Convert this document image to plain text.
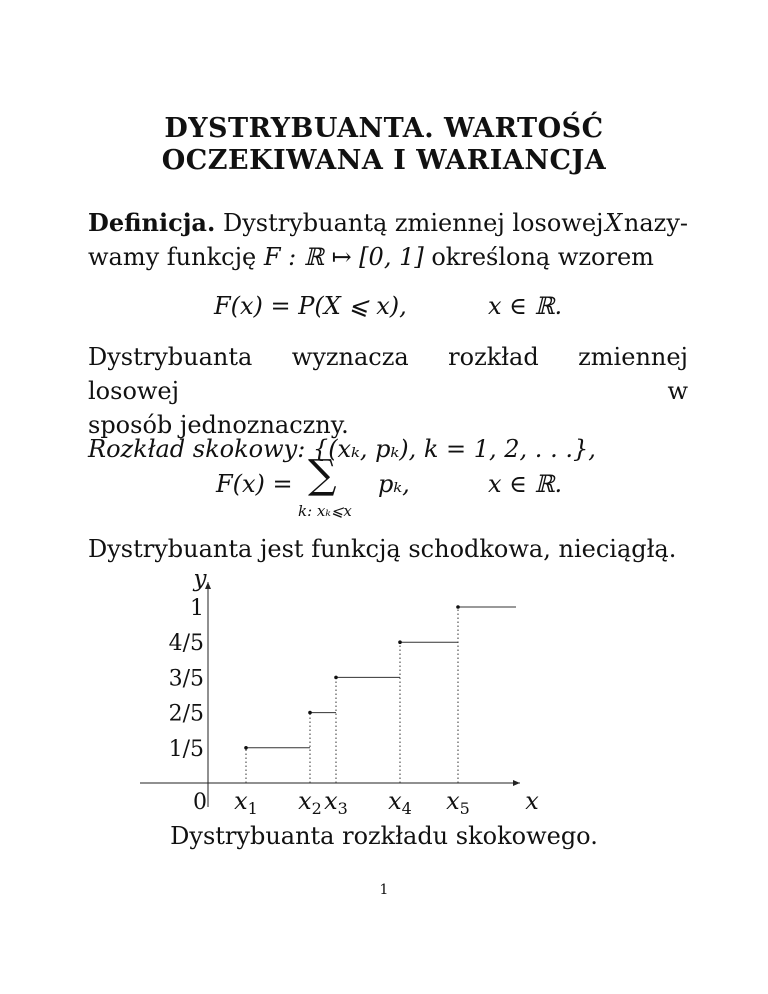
DYSTRYBUANTA. WARTOŚĆ
OCZEKIWANA I WARIANCJA
Definicja. Dystrybuantą zmiennej losowej X nazy-
wamy funkcję F : ℝ ↦ [0, 1] określoną wzorem
F(x) = P(X ⩽ x),	x ∈ ℝ.
Dystrybuanta wyznacza rozkład zmiennej losowej w
sposób jednoznaczny.
Rozkład skokowy: {(xₖ, pₖ), k = 1, 2, . . .},
F(x) = ∑ pₖ,
k: xₖ⩽x
x ∈ ℝ.
Dystrybuanta jest funkcją schodkowa, nieciągłą.
y
x
0
1/5
2/5
3/5
4/5
1
$x_1$ $x_2$ $x_3$ $x_4$ $x_5$
Dystrybuanta rozkładu skokowego.
1
